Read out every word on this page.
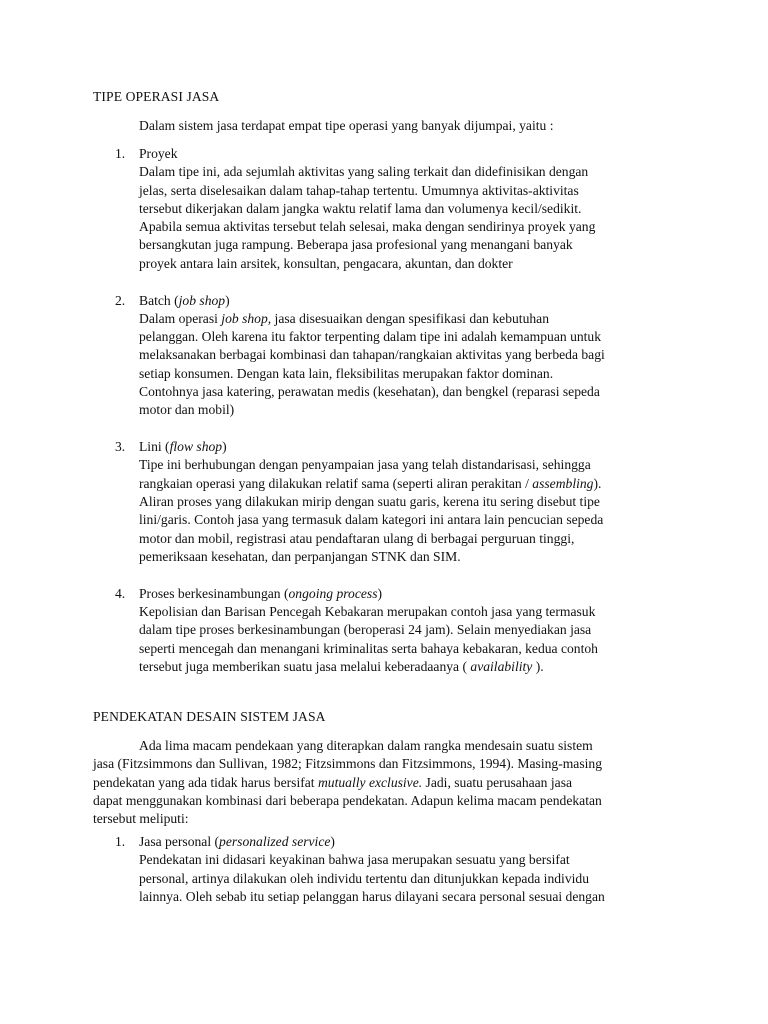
TIPE OPERASI JASA
Dalam sistem jasa terdapat empat tipe operasi yang banyak dijumpai, yaitu :
1. Proyek
Dalam tipe ini, ada sejumlah aktivitas yang saling terkait dan didefinisikan dengan
jelas, serta diselesaikan dalam tahap-tahap tertentu. Umumnya aktivitas-aktivitas
tersebut dikerjakan dalam jangka waktu relatif lama dan volumenya kecil/sedikit.
Apabila semua aktivitas tersebut telah selesai, maka dengan sendirinya proyek yang
bersangkutan juga rampung. Beberapa jasa profesional yang menangani banyak
proyek antara lain arsitek, konsultan, pengacara, akuntan, dan dokter
2. Batch (job shop)
Dalam operasi job shop, jasa disesuaikan dengan spesifikasi dan kebutuhan
pelanggan. Oleh karena itu faktor terpenting dalam tipe ini adalah kemampuan untuk
melaksanakan berbagai kombinasi dan tahapan/rangkaian aktivitas yang berbeda bagi
setiap konsumen. Dengan kata lain, fleksibilitas merupakan faktor dominan.
Contohnya jasa katering, perawatan medis (kesehatan), dan bengkel (reparasi sepeda
motor dan mobil)
3. Lini (flow shop)
Tipe ini berhubungan dengan penyampaian jasa yang telah distandarisasi, sehingga
rangkaian operasi yang dilakukan relatif sama (seperti aliran perakitan / assembling).
Aliran proses yang dilakukan mirip dengan suatu garis, kerena itu sering disebut tipe
lini/garis. Contoh jasa yang termasuk dalam kategori ini antara lain pencucian sepeda
motor dan mobil, registrasi atau pendaftaran ulang di berbagai perguruan tinggi,
pemeriksaan kesehatan, dan perpanjangan STNK dan SIM.
4. Proses berkesinambungan (ongoing process)
Kepolisian dan Barisan Pencegah Kebakaran merupakan contoh jasa yang termasuk
dalam tipe proses berkesinambungan (beroperasi 24 jam). Selain menyediakan jasa
seperti mencegah dan menangani kriminalitas serta bahaya kebakaran, kedua contoh
tersebut juga memberikan suatu jasa melalui keberadaanya ( availability ).
PENDEKATAN DESAIN SISTEM JASA
Ada lima macam pendekaan yang diterapkan dalam rangka mendesain suatu sistem
jasa (Fitzsimmons dan Sullivan, 1982; Fitzsimmons dan Fitzsimmons, 1994). Masing-masing
pendekatan yang ada tidak harus bersifat mutually exclusive. Jadi, suatu perusahaan jasa
dapat menggunakan kombinasi dari beberapa pendekatan. Adapun kelima macam pendekatan
tersebut meliputi:
1. Jasa personal (personalized service)
Pendekatan ini didasari keyakinan bahwa jasa merupakan sesuatu yang bersifat
personal, artinya dilakukan oleh individu tertentu dan ditunjukkan kepada individu
lainnya. Oleh sebab itu setiap pelanggan harus dilayani secara personal sesuai dengan
